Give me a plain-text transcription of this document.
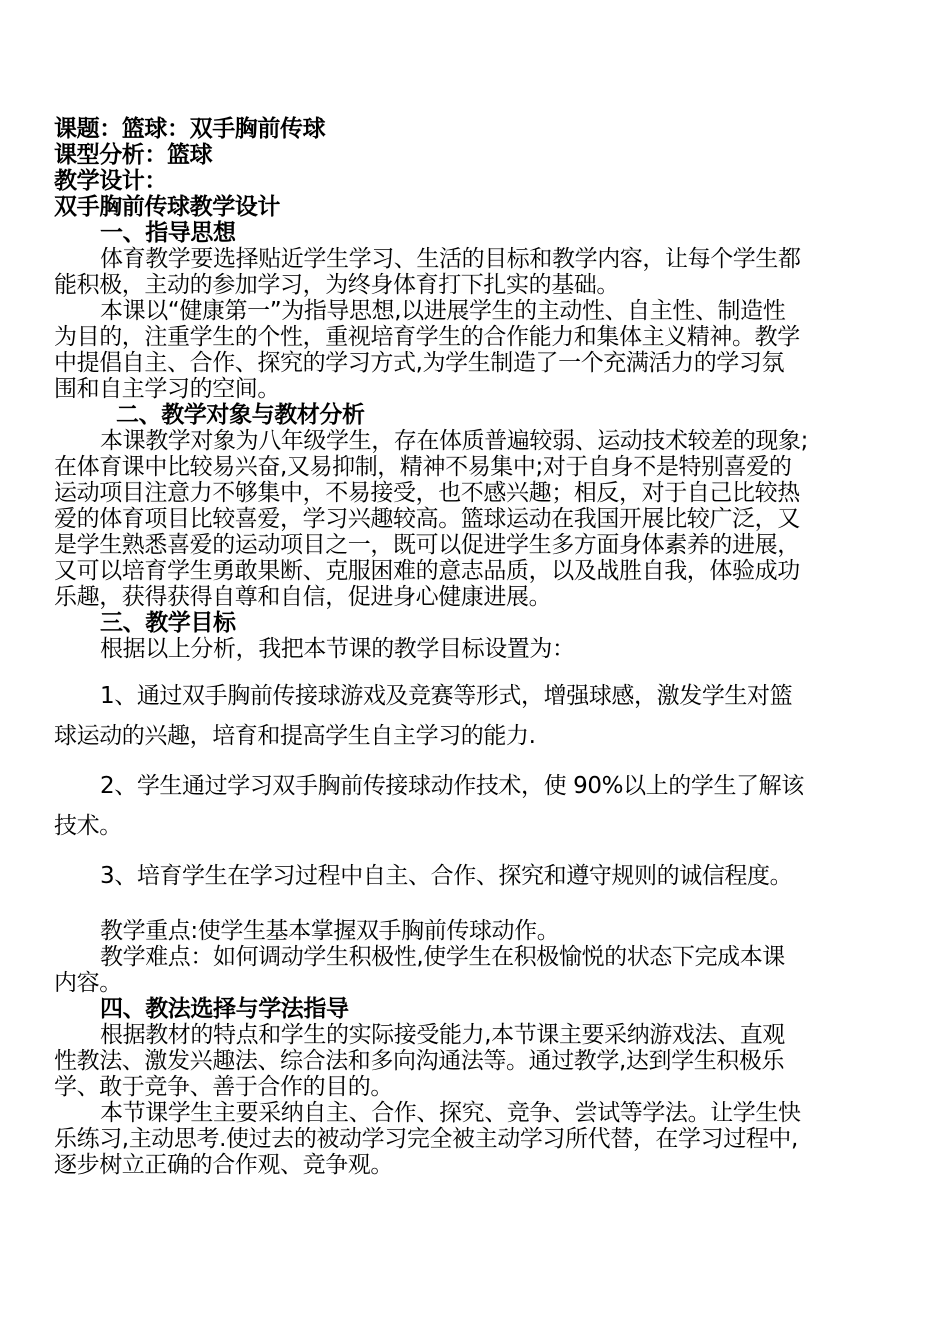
课题：篮球：双手胸前传球
课型分析：篮球
教学设计：
双手胸前传球教学设计
一、指导思想
体育教学要选择贴近学生学习、生活的目标和教学内容，让每个学生都
能积极，主动的参加学习，为终身体育打下扎实的基础。
本课以“健康第一”为指导思想,以进展学生的主动性、自主性、制造性
为目的，注重学生的个性，重视培育学生的合作能力和集体主义精神。教学
中提倡自主、合作、探究的学习方式,为学生制造了一个充满活力的学习氛
围和自主学习的空间。
二、教学对象与教材分析
本课教学对象为八年级学生，存在体质普遍较弱、运动技术较差的现象;
在体育课中比较易兴奋,又易抑制，精神不易集中;对于自身不是特别喜爱的
运动项目注意力不够集中，不易接受，也不感兴趣；相反，对于自己比较热
爱的体育项目比较喜爱，学习兴趣较高。篮球运动在我国开展比较广泛，又
是学生熟悉喜爱的运动项目之一，既可以促进学生多方面身体素养的进展，
又可以培育学生勇敢果断、克服困难的意志品质，以及战胜自我，体验成功
乐趣，获得获得自尊和自信，促进身心健康进展。
三、教学目标
根据以上分析，我把本节课的教学目标设置为：
1、通过双手胸前传接球游戏及竞赛等形式，增强球感，激发学生对篮
球运动的兴趣，培育和提高学生自主学习的能力.
2、学生通过学习双手胸前传接球动作技术，使 90%以上的学生了解该
技术。
3、培育学生在学习过程中自主、合作、探究和遵守规则的诚信程度。
教学重点:使学生基本掌握双手胸前传球动作。
教学难点：如何调动学生积极性,使学生在积极愉悦的状态下完成本课
内容。
四、教法选择与学法指导
根据教材的特点和学生的实际接受能力,本节课主要采纳游戏法、直观
性教法、激发兴趣法、综合法和多向沟通法等。通过教学,达到学生积极乐
学、敢于竞争、善于合作的目的。
本节课学生主要采纳自主、合作、探究、竞争、尝试等学法。让学生快
乐练习,主动思考.使过去的被动学习完全被主动学习所代替，在学习过程中,
逐步树立正确的合作观、竞争观。
